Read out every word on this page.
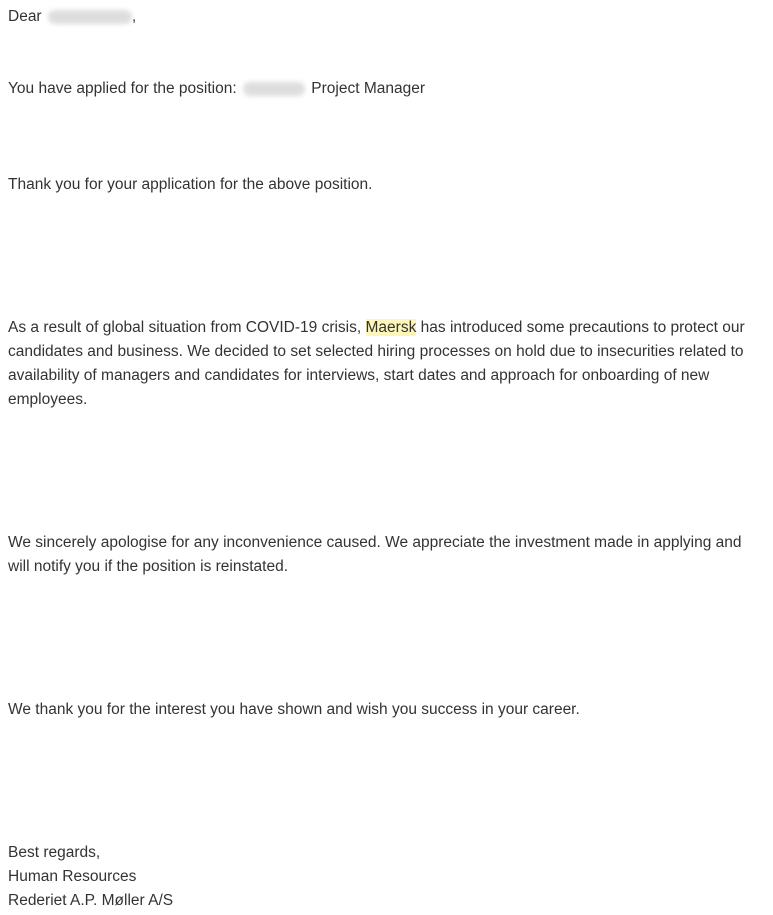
Dear	,
You have applied for the position:	Project Manager
Thank you for your application for the above position.
As a result of global situation from COVID-19 crisis, Maersk has introduced some precautions to protect our candidates and business. We decided to set selected hiring processes on hold due to insecurities related to availability of managers and candidates for interviews, start dates and approach for onboarding of new employees.
We sincerely apologise for any inconvenience caused. We appreciate the investment made in applying and will notify you if the position is reinstated.
We thank you for the interest you have shown and wish you success in your career.
Best regards,
Human Resources
Rederiet A.P. Møller A/S
